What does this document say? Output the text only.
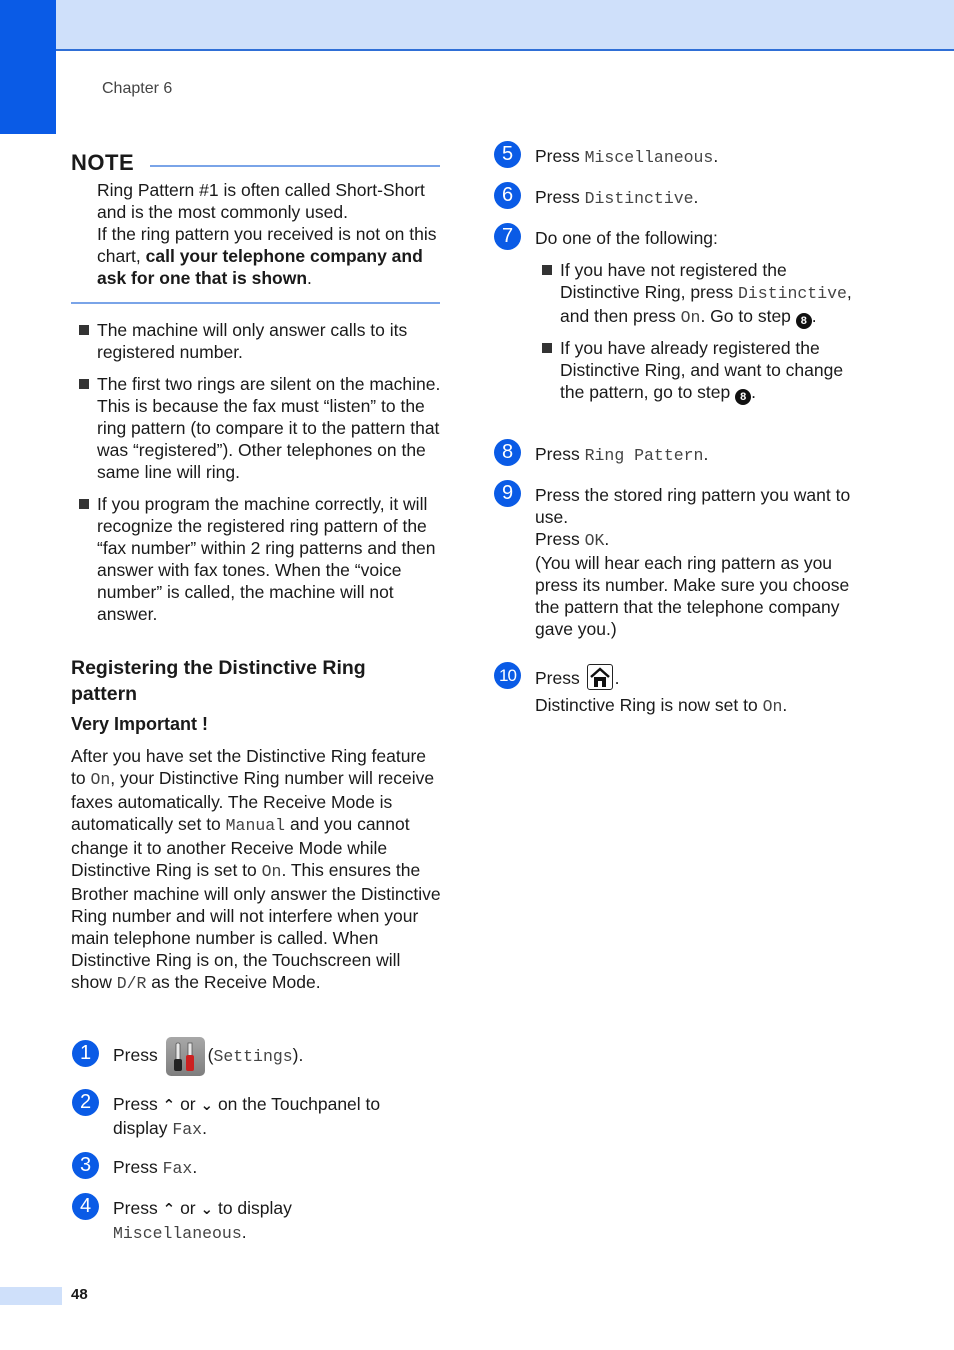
Chapter 6
NOTE
Ring Pattern #1 is often called Short-Short and is the most commonly used.
If the ring pattern you received is not on this chart, call your telephone company and ask for one that is shown.
The machine will only answer calls to its registered number.
The first two rings are silent on the machine. This is because the fax must “listen” to the ring pattern (to compare it to the pattern that was “registered”). Other telephones on the same line will ring.
If you program the machine correctly, it will recognize the registered ring pattern of the “fax number” within 2 ring patterns and then answer with fax tones. When the “voice number” is called, the machine will not answer.
Registering the Distinctive Ring pattern
Very Important !
After you have set the Distinctive Ring feature to On, your Distinctive Ring number will receive faxes automatically. The Receive Mode is automatically set to Manual and you cannot change it to another Receive Mode while Distinctive Ring is set to On. This ensures the Brother machine will only answer the Distinctive Ring number and will not interfere when your main telephone number is called. When Distinctive Ring is on, the Touchscreen will show D/R as the Receive Mode.
1	Press	(Settings).
2	Press ⌃ or ⌄ on the Touchpanel to display Fax.
3	Press Fax.
4	Press ⌃ or ⌄ to display
Miscellaneous.
5	Press Miscellaneous.
6	Press Distinctive.
7	Do one of the following:
If you have not registered the Distinctive Ring, press Distinctive, and then press On. Go to step 8 .
If you have already registered the Distinctive Ring, and want to change the pattern, go to step 8 .
8	Press Ring Pattern.
9	Press the stored ring pattern you want to use.
Press OK.
(You will hear each ring pattern as you press its number. Make sure you choose the pattern that the telephone company gave you.)
10 Press .
Distinctive Ring is now set to On.
48
